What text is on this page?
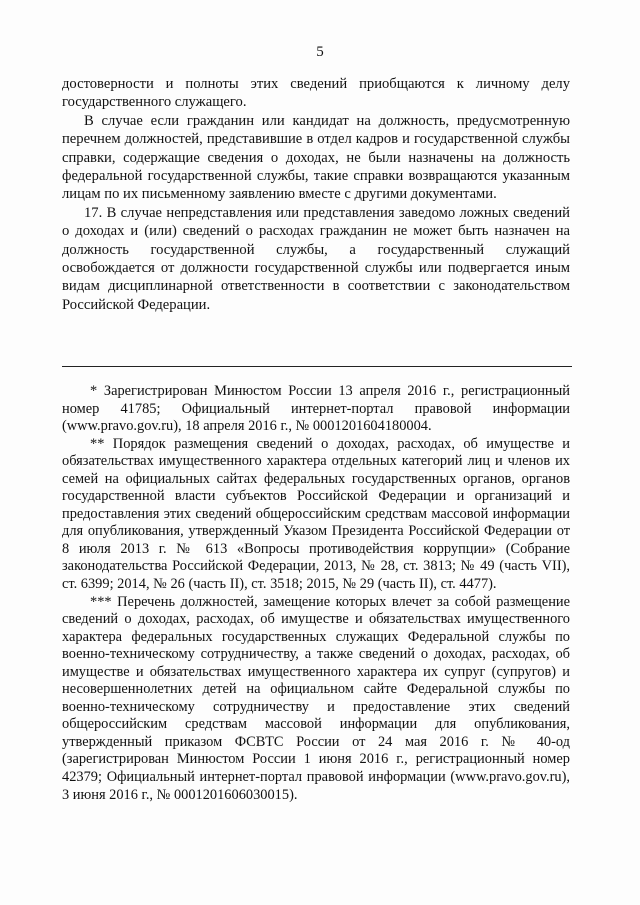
5

достоверности и полноты этих сведений приобщаются к личному делу государственного служащего.

В случае если гражданин или кандидат на должность, предусмотренную перечнем должностей, представившие в отдел кадров и государственной службы справки, содержащие сведения о доходах, не были назначены на должность федеральной государственной службы, такие справки возвращаются указанным лицам по их письменному заявлению вместе с другими документами.

17. В случае непредставления или представления заведомо ложных сведений о доходах и (или) сведений о расходах гражданин не может быть назначен на должность государственной службы, а государственный служащий освобождается от должности государственной службы или подвергается иным видам дисциплинарной ответственности в соответствии с законодательством Российской Федерации.

* Зарегистрирован Минюстом России 13 апреля 2016 г., регистрационный номер 41785; Официальный интернет-портал правовой информации (www.pravo.gov.ru), 18 апреля 2016 г., № 0001201604180004.

** Порядок размещения сведений о доходах, расходах, об имуществе и обязательствах имущественного характера отдельных категорий лиц и членов их семей на официальных сайтах федеральных государственных органов, органов государственной власти субъектов Российской Федерации и организаций и предоставления этих сведений общероссийским средствам массовой информации для опубликования, утвержденный Указом Президента Российской Федерации от 8 июля 2013 г. № 613 «Вопросы противодействия коррупции» (Собрание законодательства Российской Федерации, 2013, № 28, ст. 3813; № 49 (часть VII), ст. 6399; 2014, № 26 (часть II), ст. 3518; 2015, № 29 (часть II), ст. 4477).

*** Перечень должностей, замещение которых влечет за собой размещение сведений о доходах, расходах, об имуществе и обязательствах имущественного характера федеральных государственных служащих Федеральной службы по военно-техническому сотрудничеству, а также сведений о доходах, расходах, об имуществе и обязательствах имущественного характера их супруг (супругов) и несовершеннолетних детей на официальном сайте Федеральной службы по военно-техническому сотрудничеству и предоставление этих сведений общероссийским средствам массовой информации для опубликования, утвержденный приказом ФСВТС России от 24 мая 2016 г. № 40-од (зарегистрирован Минюстом России 1 июня 2016 г., регистрационный номер 42379; Официальный интернет-портал правовой информации (www.pravo.gov.ru), 3 июня 2016 г., № 0001201606030015).
